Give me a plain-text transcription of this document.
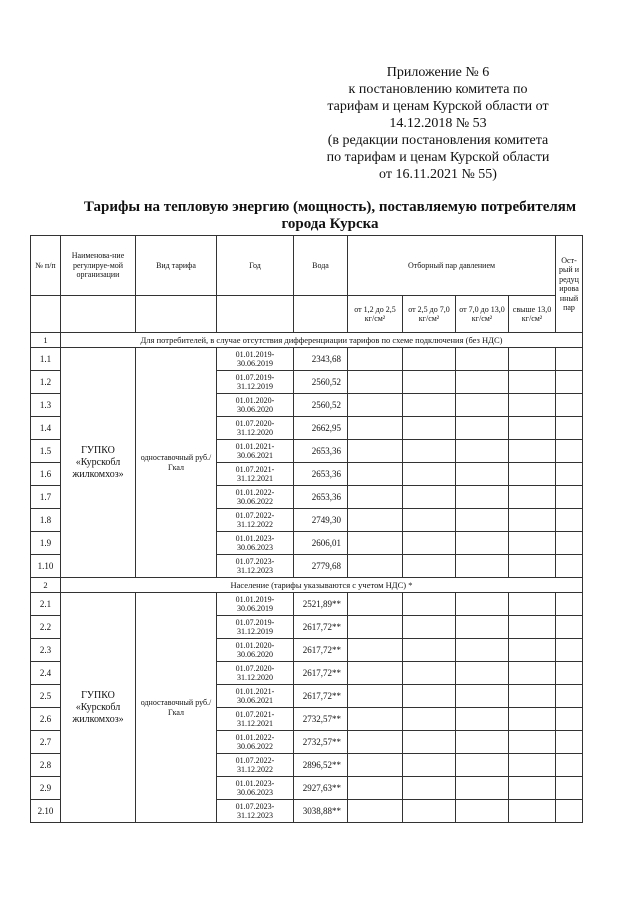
Приложение № 6
к постановлению комитета по
тарифам и ценам Курской области от
14.12.2018 № 53
(в редакции постановления комитета
по тарифам и ценам Курской области
от 16.11.2021 № 55)
Тарифы на тепловую энергию (мощность), поставляемую потребителям
города Курска
№ п/п	Наименова-ние регулируе-мой организации	Вид тарифа	Год	Вода	Отборный пар давлением				Ост-рый и редуц ирова нный пар
					от 1,2 до 2,5 кг/см²	от 2,5 до 7,0 кг/см²	от 7,0 до 13,0 кг/см²	свыше 13,0 кг/см²	
1	Для потребителей, в случае отсутствия дифференциации тарифов по схеме подключения (без НДС)								
1.1	ГУПКО «Курскобл жилкомхоз»	одноставочный руб./Гкал	01.01.2019-30.06.2019	2343,68					
1.2			01.07.2019-31.12.2019	2560,52					
1.3			01.01.2020-30.06.2020	2560,52					
1.4			01.07.2020-31.12.2020	2662,95					
1.5			01.01.2021-30.06.2021	2653,36					
1.6			01.07.2021-31.12.2021	2653,36					
1.7			01.01.2022-30.06.2022	2653,36					
1.8			01.07.2022-31.12.2022	2749,30					
1.9			01.01.2023-30.06.2023	2606,01					
1.10			01.07.2023-31.12.2023	2779,68					
2	Население (тарифы указываются с учетом НДС) *								
2.1	ГУПКО «Курскобл жилкомхоз»	одноставочный руб./Гкал	01.01.2019-30.06.2019	2521,89**					
2.2			01.07.2019-31.12.2019	2617,72**					
2.3			01.01.2020-30.06.2020	2617,72**					
2.4			01.07.2020-31.12.2020	2617,72**					
2.5			01.01.2021-30.06.2021	2617,72**					
2.6			01.07.2021-31.12.2021	2732,57**					
2.7			01.01.2022-30.06.2022	2732,57**					
2.8			01.07.2022-31.12.2022	2896,52**					
2.9			01.01.2023-30.06.2023	2927,63**					
2.10			01.07.2023-31.12.2023	3038,88**					
